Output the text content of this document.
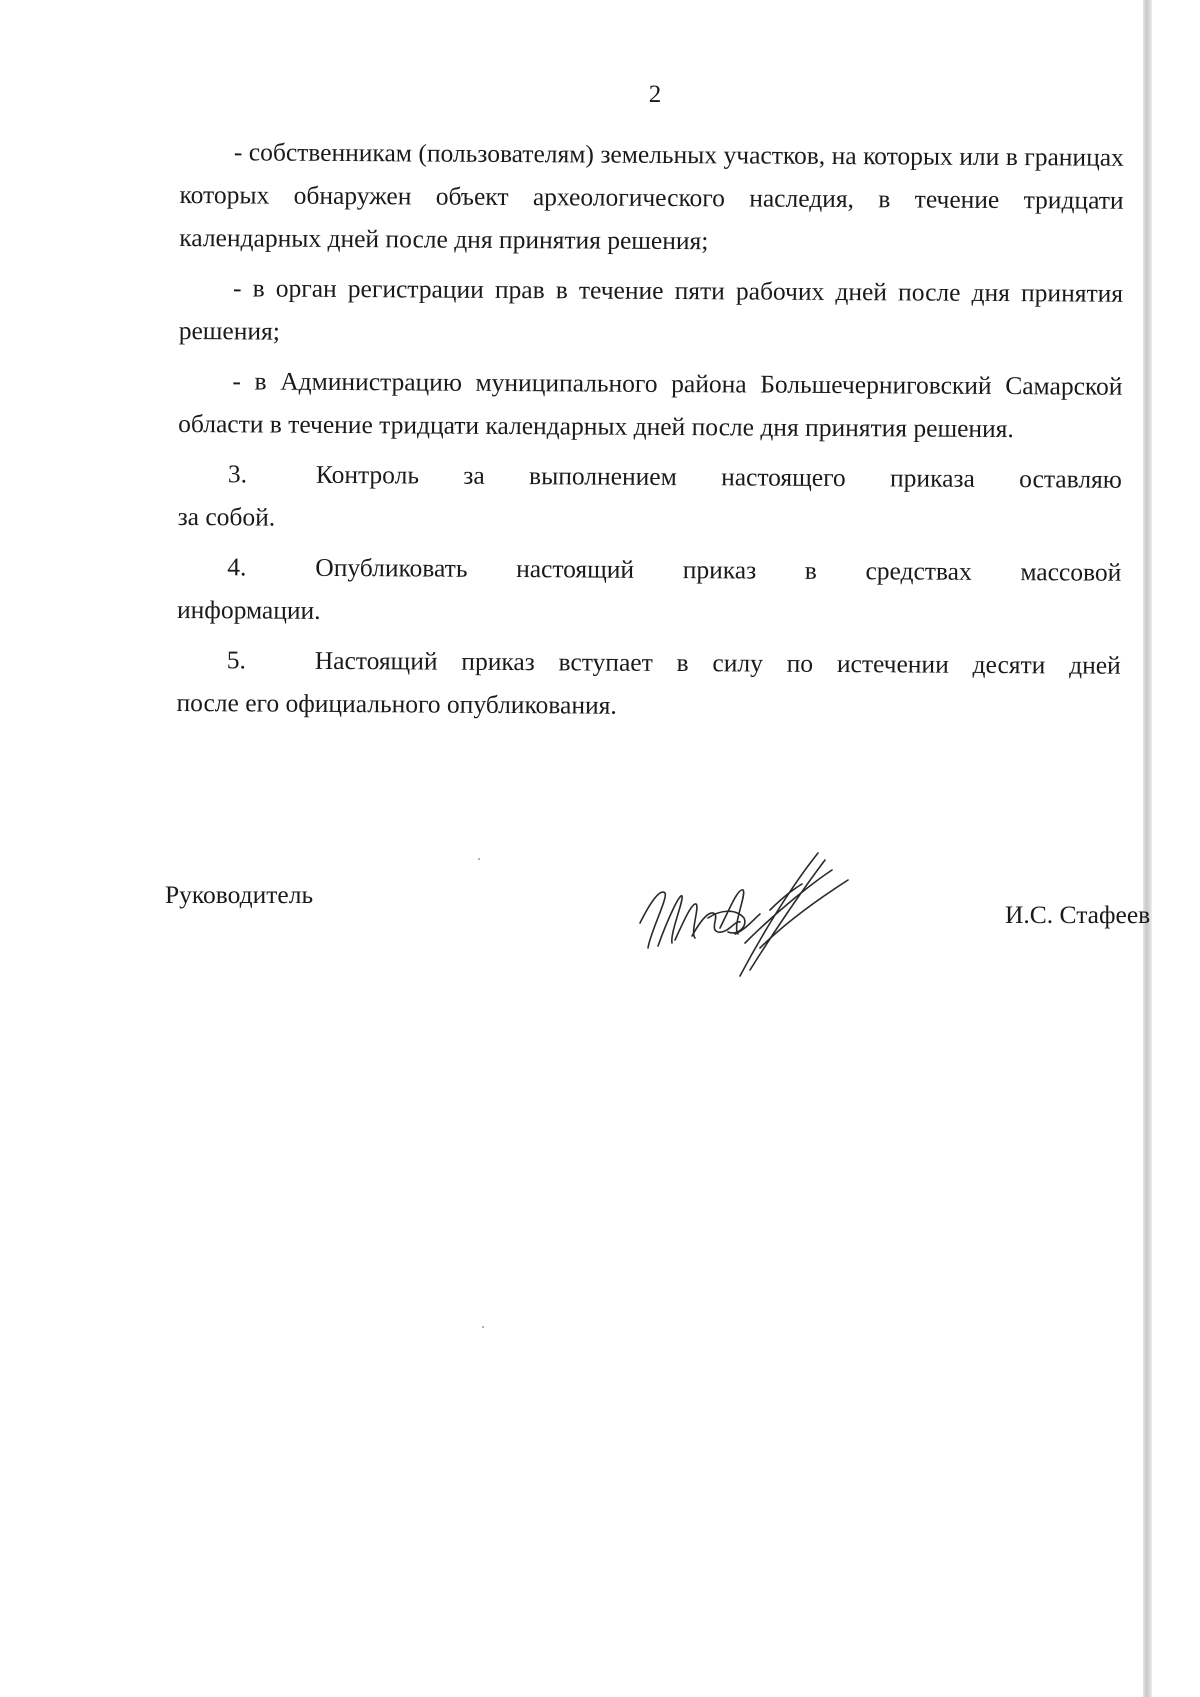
2

- собственникам (пользователям) земельных участков, на которых или в границах которых обнаружен объект археологического наследия, в течение тридцати календарных дней после дня принятия решения;

- в орган регистрации прав в течение пяти рабочих дней после дня принятия решения;

- в Администрацию муниципального района Большечерниговский Самарской области в течение тридцати календарных дней после дня принятия решения.

3.	Контроль за выполнением настоящего приказа оставляю
за собой.
4.	Опубликовать настоящий приказ в средствах массовой
информации.
5.	Настоящий приказ вступает в силу по истечении десяти дней
после его официального опубликования.
Руководитель
И.С. Стафеев
